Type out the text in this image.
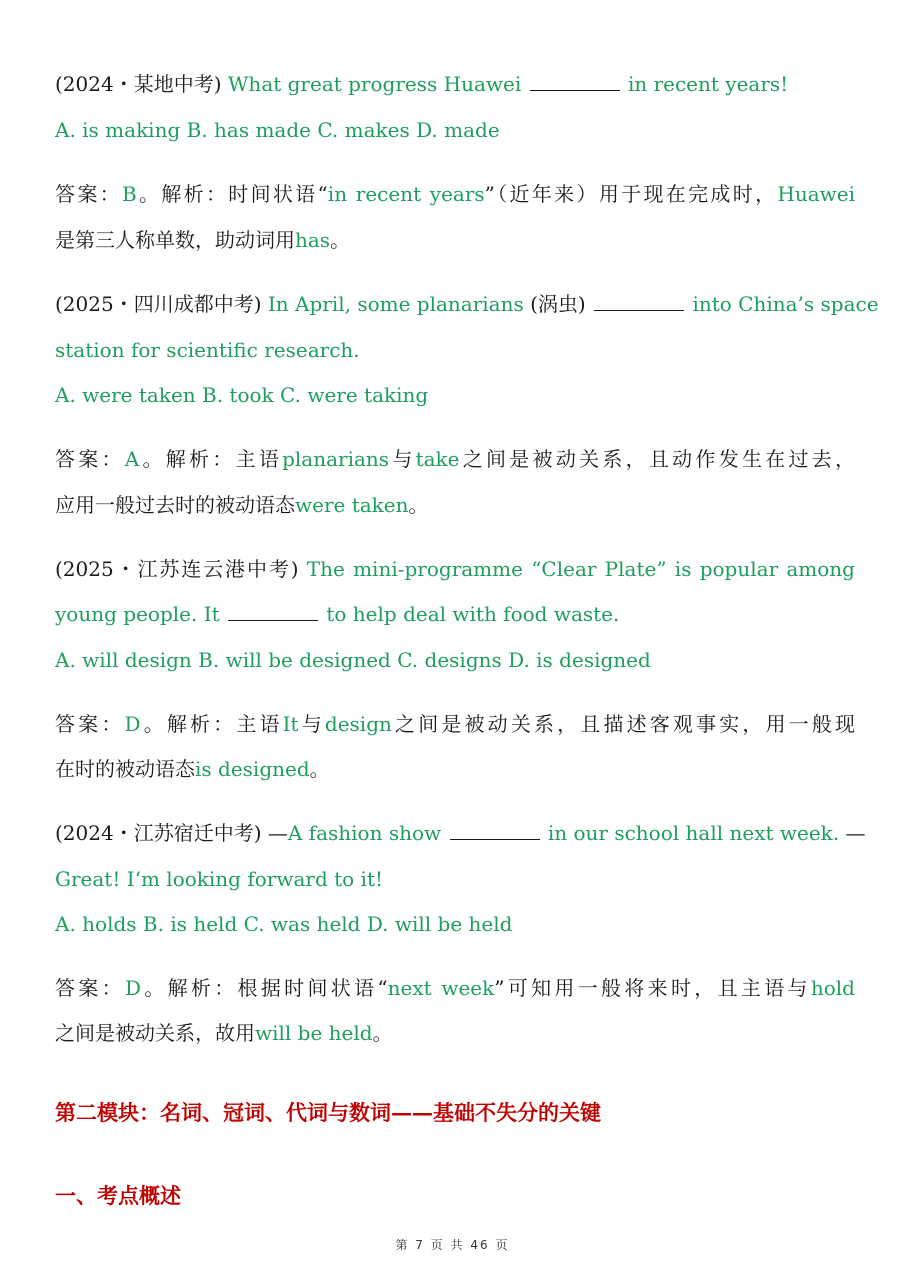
(2024・某地中考) What great progress Huawei	in recent years!
A. is making B. has made C. makes D. made
答案：B。解析：时间状语“in recent years”（近年来）用于现在完成时，Huawei
是第三人称单数，助动词用has。
(2025・四川成都中考) In April, some planarians (涡虫)	into China’s space
station for scientific research.
A. were taken B. took C. were taking
答案：A。解析：主语planarians与take之间是被动关系，且动作发生在过去，
应用一般过去时的被动语态were taken。
(2025・江苏连云港中考) The mini-programme “Clear Plate” is popular among
young people. It	to help deal with food waste.
A. will design B. will be designed C. designs D. is designed
答案：D。解析：主语It与design之间是被动关系，且描述客观事实，用一般现
在时的被动语态is designed。
(2024・江苏宿迁中考) —A fashion show	in our school hall next week. —
Great! I‘m looking forward to it!
A. holds B. is held C. was held D. will be held
答案：D。解析：根据时间状语“next week”可知用一般将来时，且主语与hold
之间是被动关系，故用will be held。
第二模块：名词、冠词、代词与数词——基础不失分的关键
一、考点概述
第 7 页 共 46 页
